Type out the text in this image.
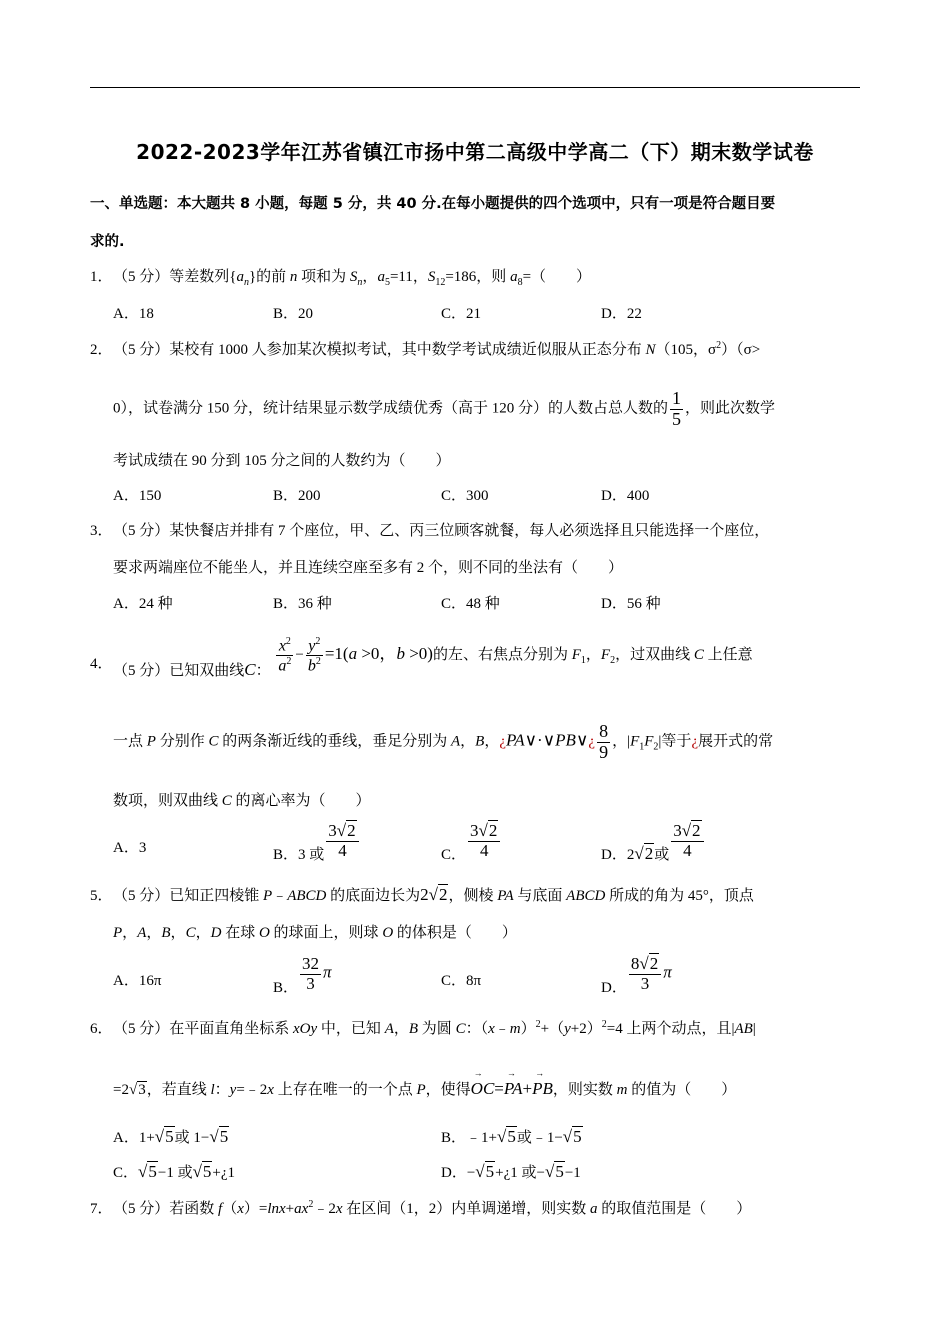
2022-2023学年江苏省镇江市扬中第二高级中学高二（下）期末数学试卷
一、单选题：本大题共 8 小题，每题 5 分，共 40 分.在每小题提供的四个选项中，只有一项是符合题目要
求的.
1． （5 分）等差数列$\{a_n\}$的前 n 项和为 $S_n$，$a_5=11$，$S_{12}=186$，则 $a_8=$（　　）
A．18	B．20	C．21	D．22
2． （5 分）某校有 1000 人参加某次模拟考试，其中数学考试成绩近似服从正态分布 N（105，$\sigma^2)(\sigma>$
0），试卷满分 150 分，统计结果显示数学成绩优秀（高于 120 分）的人数占总人数的 $\frac{1}{5}$ ，则此次数学
考试成绩在 90 分到 105 分之间的人数约为（　　）
A．150	B．200	C．300	D．400
3． （5 分）某快餐店并排有 7 个座位，甲、乙、丙三位顾客就餐，每人必须选择且只能选择一个座位，
要求两端座位不能坐人，并且连续空座至多有 2 个，则不同的坐法有（　　）
A．24 种	B．36 种	C．48 种	D．56 种
4． （5 分）已知双曲线C： $\frac{x^2}{a^2} - \frac{y^2}{b^2} =1(a >0$，b >0)的左、右焦点分别为 $F_1$，$F_2$，过双曲线 C 上任意
一点 P 分别作 C 的两条渐近线的垂线，垂足分别为 A，B，¿PA∨·∨PB∨¿ $\frac{8}{9}$ ，$|F_1F_2|$等于¿展开式的常
数项，则双曲线 C 的离心率为（　　）
A．3	B．3 或 $\frac{3√2}{4}$	C． $\frac{3√2}{4}$	D．2√2或 $\frac{3√2}{4}$
5． （5 分）已知正四棱锥 P﹣ABCD 的底面边长为2√2，侧棱 PA 与底面 ABCD 所成的角为 45°，顶点
P，A，B，C，D 在球 O 的球面上，则球 O 的体积是（　　）
A．16π	B． $\frac{32}{3}$ π	C．8π	D． $\frac{8√2}{3}$ π
6． （5 分）在平面直角坐标系 xOy 中，已知 A，B 为圆 C：$(x﹣m)^2+(y+2)^2=4$ 上两个动点，且|AB|
=2√3，若直线 l：y=﹣2x 上存在唯一的一个点 P，使得→ OC=→ PA+→ PB，则实数 m 的值为（　　）
A．1+√5或 1−√5	B．﹣1+√5或﹣1−√5
C．√5−1 或√5+¿1	D．−√5+¿1 或−√5−1
7． （5 分）若函数 $f(x)=\ln x+ax^2﹣2x$ 在区间（1，2）内单调递增，则实数 a 的取值范围是（　　）
